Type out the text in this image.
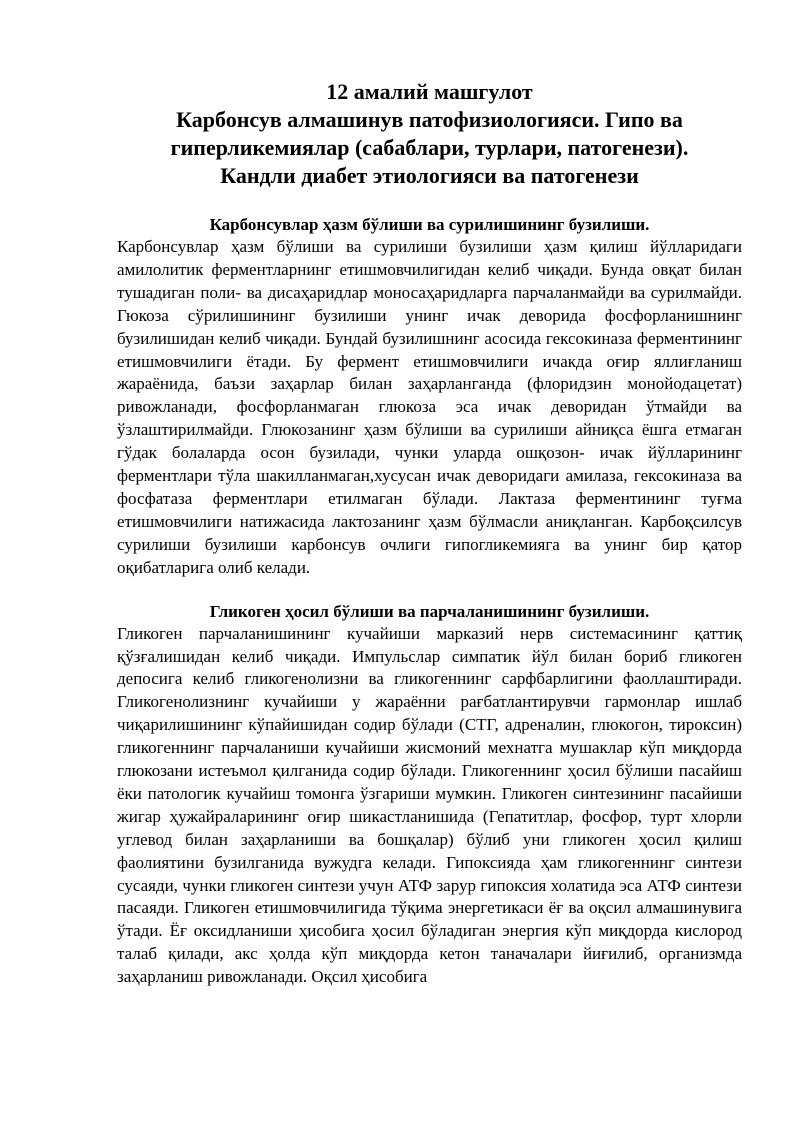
12 амалий машгулот
Карбонсув алмашинув патофизиологияси. Гипо ва
гиперликемиялар (сабаблари, турлари, патогенези).
Кандли диабет этиологияси ва патогенези
Карбонсувлар ҳазм бўлиши ва сурилишининг бузилиши.

Карбонсувлар ҳазм бўлиши ва сурилиши бузилиши ҳазм қилиш йўлларидаги амилолитик ферментларнинг етишмовчилигидан келиб чиқади. Бунда овқат билан тушадиган поли- ва дисаҳаридлар моносаҳаридларга парчаланмайди ва сурилмайди. Гюкоза сўрилишининг бузилиши унинг ичак деворида фосфорланишнинг бузилишидан келиб чиқади. Бундай бузилишнинг асосида гексокиназа ферментининг етишмовчилиги ётади. Бу фермент етишмовчилиги ичакда оғир яллиғланиш жараёнида, баъзи заҳарлар билан заҳарланганда (флоридзин монойодацетат) ривожланади, фосфорланмаган глюкоза эса ичак деворидан ўтмайди ва ўзлаштирилмайди. Глюкозанинг ҳазм бўлиши ва сурилиши айниқса ёшга етмаган гўдак болаларда осон бузилади, чунки уларда ошқозон- ичак йўлларининг ферментлари тўла шакилланмаган,хусусан ичак деворидаги амилаза, гексокиназа ва фосфатаза ферментлари етилмаган бўлади. Лактаза ферментининг туғма етишмовчилиги натижасида лактозанинг ҳазм бўлмасли аниқланган. Карбоқсилсув сурилиши бузилиши карбонсув очлиги гипогликемияга ва унинг бир қатор оқибатларига олиб келади.

Гликоген ҳосил бўлиши ва парчаланишининг бузилиши.

Гликоген парчаланишининг кучайиши марказий нерв системасининг қаттиқ қўзғалишидан келиб чиқади. Импульслар симпатик йўл билан бориб гликоген депосига келиб гликогенолизни ва гликогеннинг сарфбарлигини фаоллаштиради. Гликогенолизнинг кучайиши у жараённи рағбатлантирувчи гармонлар ишлаб чиқарилишининг кўпайишидан содир бўлади (СТГ, адреналин, глюкогон, тироксин) гликогеннинг парчаланиши кучайиши жисмоний мехнатга мушаклар кўп миқдорда глюкозани истеъмол қилганида содир бўлади. Гликогеннинг ҳосил бўлиши пасайиш ёки патологик кучайиш томонга ўзгариши мумкин. Гликоген синтезининг пасайиши жигар ҳужайраларининг оғир шикастланишида (Гепатитлар, фосфор, турт хлорли углевод билан заҳарланиши ва бошқалар) бўлиб уни гликоген ҳосил қилиш фаолиятини бузилганида вужудга келади. Гипоксияда ҳам гликогеннинг синтези сусаяди, чунки гликоген синтези учун АТФ зарур гипоксия холатида эса АТФ синтези пасаяди. Гликоген етишмовчилигида тўқима энергетикаси ёғ ва оқсил алмашинувига ўтади. Ёғ оксидланиши ҳисобига ҳосил бўладиган энергия кўп миқдорда кислород талаб қилади, акс ҳолда кўп миқдорда кетон таначалари йиғилиб, организмда заҳарланиш ривожланади. Оқсил ҳисобига
